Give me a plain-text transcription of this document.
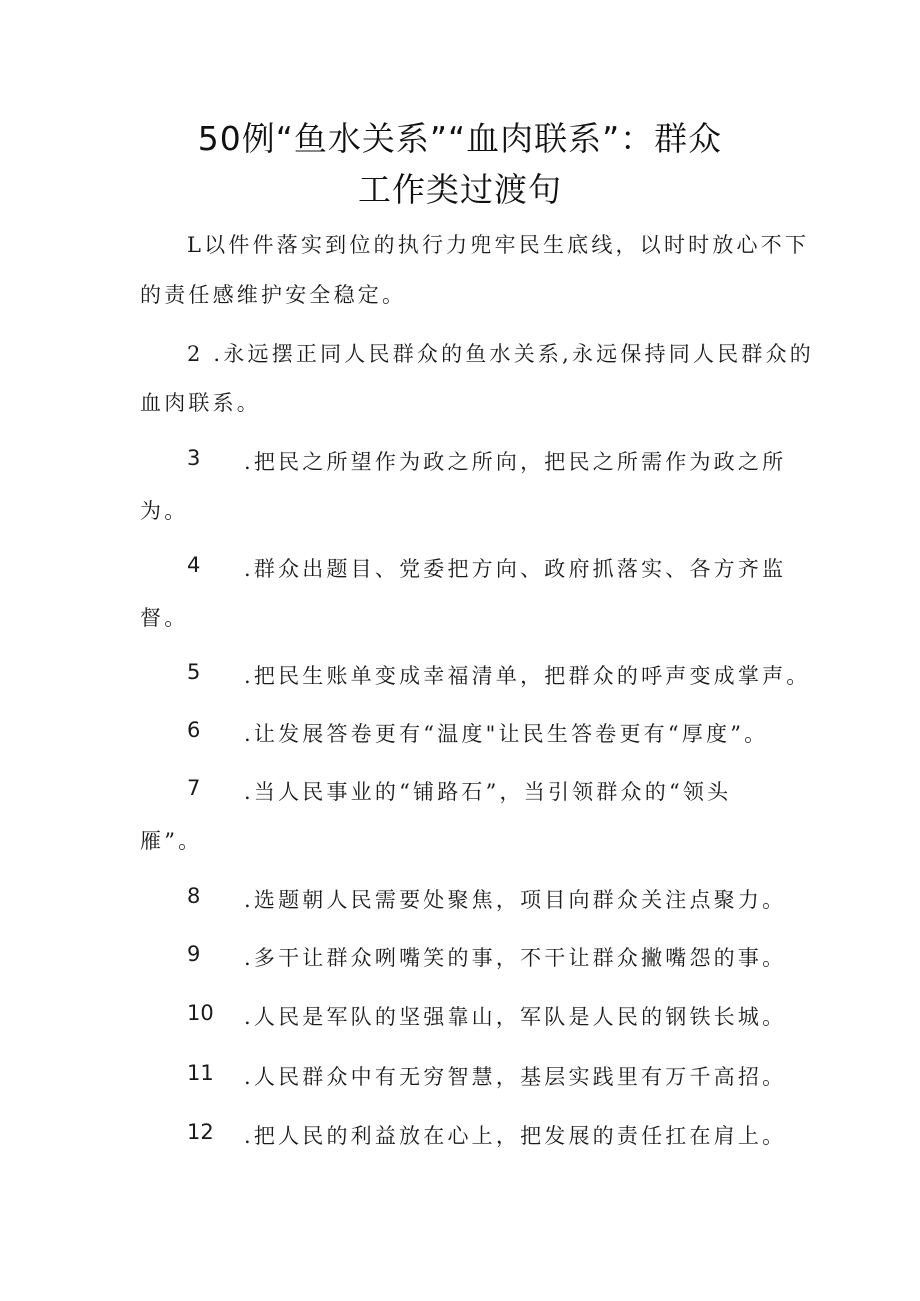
50例“鱼水关系”“血肉联系”：群众
工作类过渡句
L以件件落实到位的执行力兜牢民生底线，以时时放心不下
的责任感维护安全稳定。
2 .永远摆正同人民群众的鱼水关系,永远保持同人民群众的
血肉联系。
3 .把民之所望作为政之所向，把民之所需作为政之所
为。
4 .群众出题目、党委把方向、政府抓落实、各方齐监
督。
5 .把民生账单变成幸福清单，把群众的呼声变成掌声。
6 .让发展答卷更有“温度"让民生答卷更有“厚度”。
7 .当人民事业的“铺路石”，当引领群众的“领头
雁”。
8 .选题朝人民需要处聚焦，项目向群众关注点聚力。
9 .多干让群众咧嘴笑的事，不干让群众撇嘴怨的事。
10 .人民是军队的坚强靠山，军队是人民的钢铁长城。
11 .人民群众中有无穷智慧，基层实践里有万千高招。
12 .把人民的利益放在心上，把发展的责任扛在肩上。
